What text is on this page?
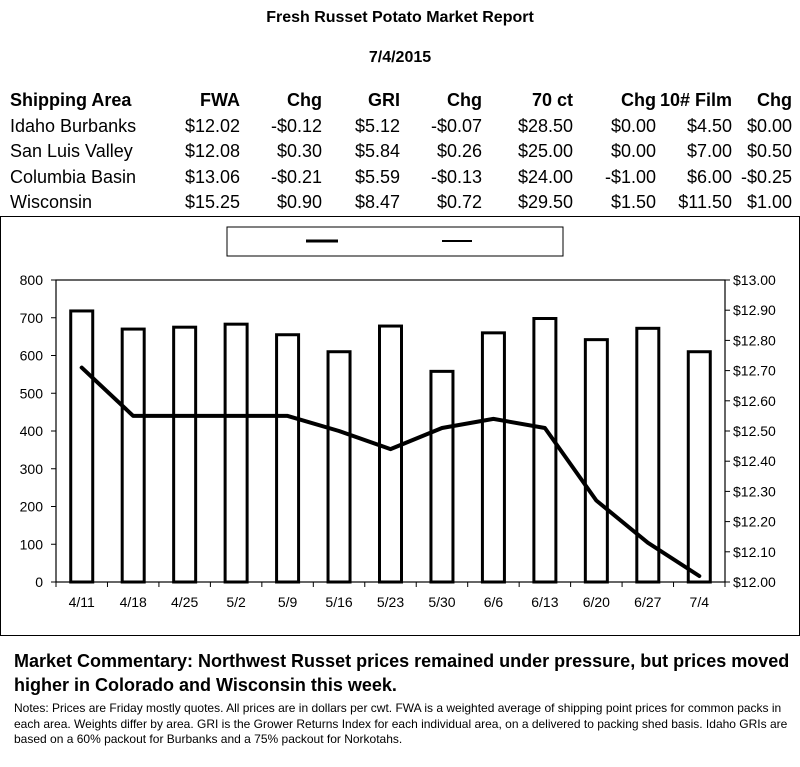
Fresh Russet Potato Market Report
7/4/2015
Shipping Area	FWA	Chg	GRI	Chg	70 ct	Chg	10# Film	Chg
Idaho Burbanks	$12.02	-$0.12	$5.12	-$0.07	$28.50	$0.00	$4.50	$0.00
San Luis Valley	$12.08	$0.30	$5.84	$0.26	$25.00	$0.00	$7.00	$0.50
Columbia Basin	$13.06	-$0.21	$5.59	-$0.13	$24.00	-$1.00	$6.00	-$0.25
Wisconsin	$15.25	$0.90	$8.47	$0.72	$29.50	$1.50	$11.50	$1.00
800
700
600
500
400
300
200
100
0
$13.00
$12.90
$12.80
$12.70
$12.60
$12.50
$12.40
$12.30
$12.20
$12.10
$12.00
4/11 4/18 4/25 5/2 5/9 5/16 5/23 5/30 6/6 6/13 6/20 6/27 7/4
Market Commentary: Northwest Russet prices remained under pressure, but prices moved higher in Colorado and Wisconsin this week.
Notes: Prices are Friday mostly quotes. All prices are in dollars per cwt. FWA is a weighted average of shipping point prices for common packs in each area. Weights differ by area. GRI is the Grower Returns Index for each individual area, on a delivered to packing shed basis. Idaho GRIs are based on a 60% packout for Burbanks and a 75% packout for Norkotahs.
